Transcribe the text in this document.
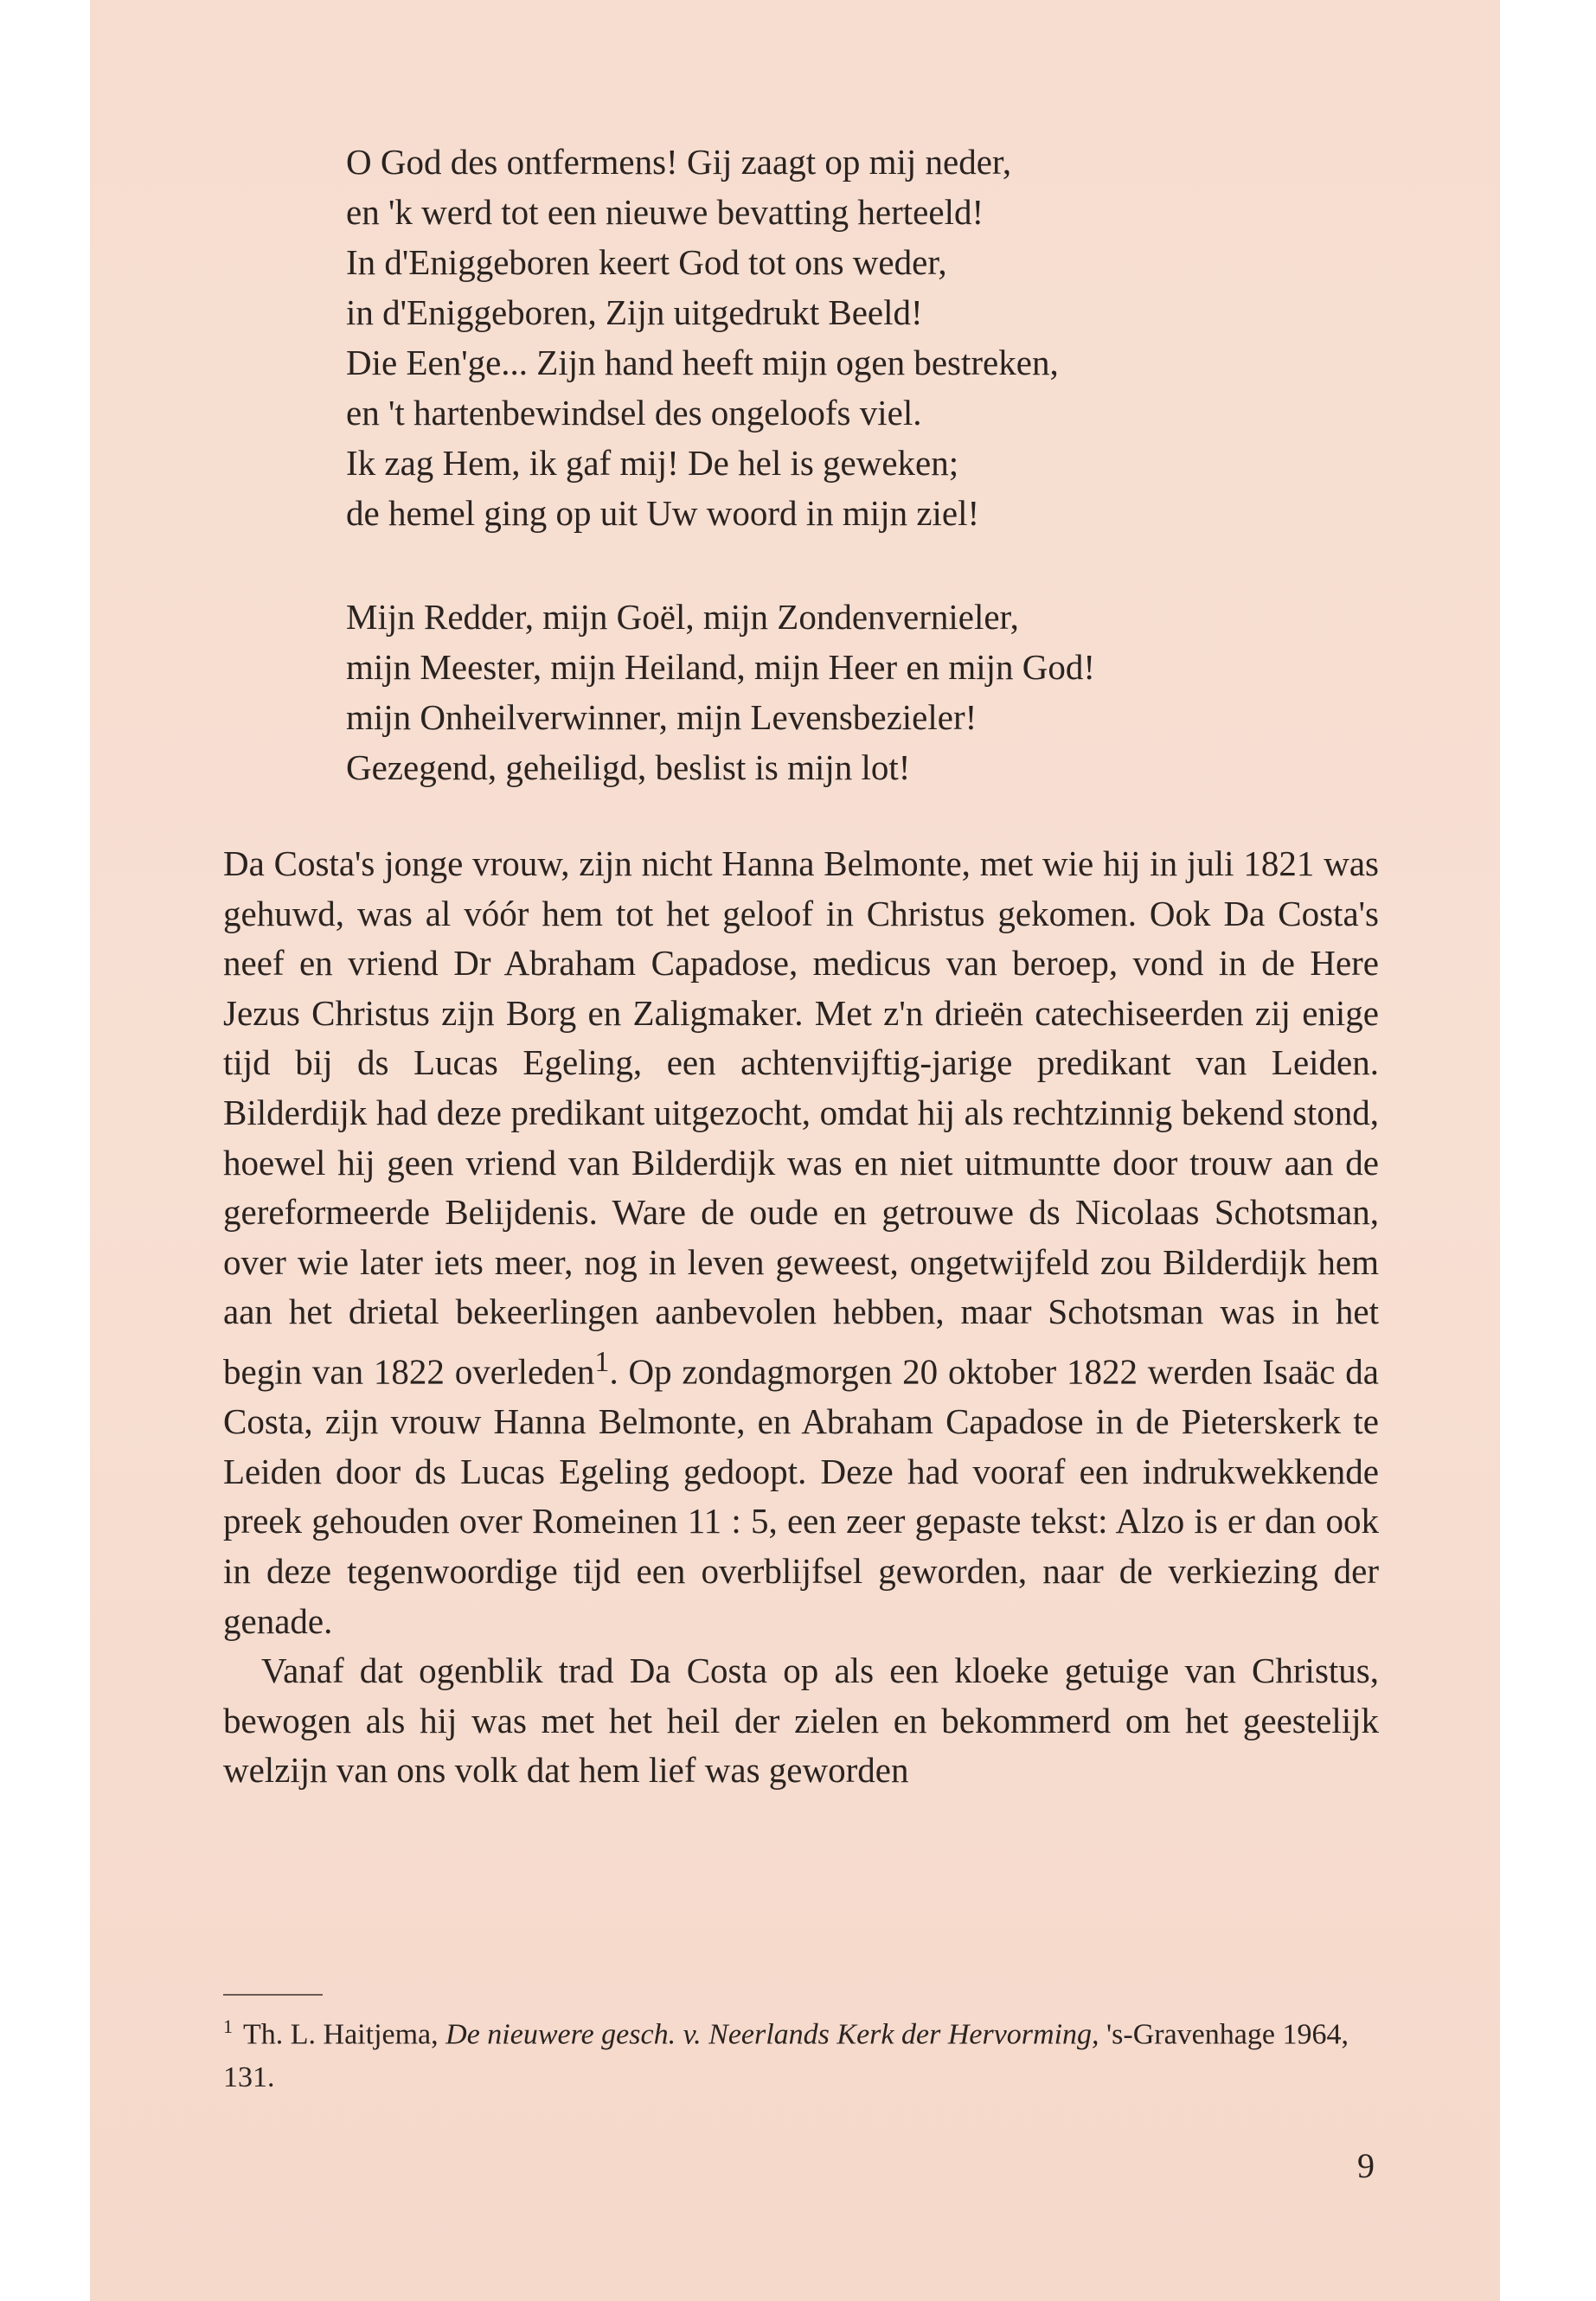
O God des ontfermens! Gij zaagt op mij neder,
en 'k werd tot een nieuwe bevatting herteeld!
In d'Eniggeboren keert God tot ons weder,
in d'Eniggeboren, Zijn uitgedrukt Beeld!
Die Een'ge... Zijn hand heeft mijn ogen bestreken,
en 't hartenbewindsel des ongeloofs viel.
Ik zag Hem, ik gaf mij! De hel is geweken;
de hemel ging op uit Uw woord in mijn ziel!
Mijn Redder, mijn Goël, mijn Zondenvernieler,
mijn Meester, mijn Heiland, mijn Heer en mijn God!
mijn Onheilverwinner, mijn Levensbezieler!
Gezegend, geheiligd, beslist is mijn lot!

Da Costa's jonge vrouw, zijn nicht Hanna Belmonte, met wie hij in juli 1821 was gehuwd, was al vóór hem tot het geloof in Christus gekomen. Ook Da Costa's neef en vriend Dr Abraham Capadose, medicus van beroep, vond in de Here Jezus Christus zijn Borg en Zaligmaker. Met z'n drieën catechiseerden zij enige tijd bij ds Lucas Egeling, een achtenvijftig-jarige predikant van Leiden. Bilderdijk had deze predikant uitgezocht, omdat hij als rechtzinnig bekend stond, hoewel hij geen vriend van Bilderdijk was en niet uitmuntte door trouw aan de gereformeerde Belijdenis. Ware de oude en getrouwe ds Nicolaas Schotsman, over wie later iets meer, nog in leven geweest, ongetwijfeld zou Bilderdijk hem aan het drietal bekeerlingen aanbevolen hebben, maar Schotsman was in het begin van 1822 overleden$^1$. Op zondagmorgen 20 oktober 1822 werden Isaäc da Costa, zijn vrouw Hanna Belmonte, en Abraham Capadose in de Pieterskerk te Leiden door ds Lucas Egeling gedoopt. Deze had vooraf een indrukwekkende preek gehouden over Romeinen 11 : 5, een zeer gepaste tekst: Alzo is er dan ook in deze tegenwoordige tijd een overblijfsel geworden, naar de verkiezing der genade.

Vanaf dat ogenblik trad Da Costa op als een kloeke getuige van Christus, bewogen als hij was met het heil der zielen en bekommerd om het geestelijk welzijn van ons volk dat hem lief was geworden

$^1$ Th. L. Haitjema, De nieuwere gesch. v. Neerlands Kerk der Hervorming, 's-Gravenhage 1964, 131.
9
